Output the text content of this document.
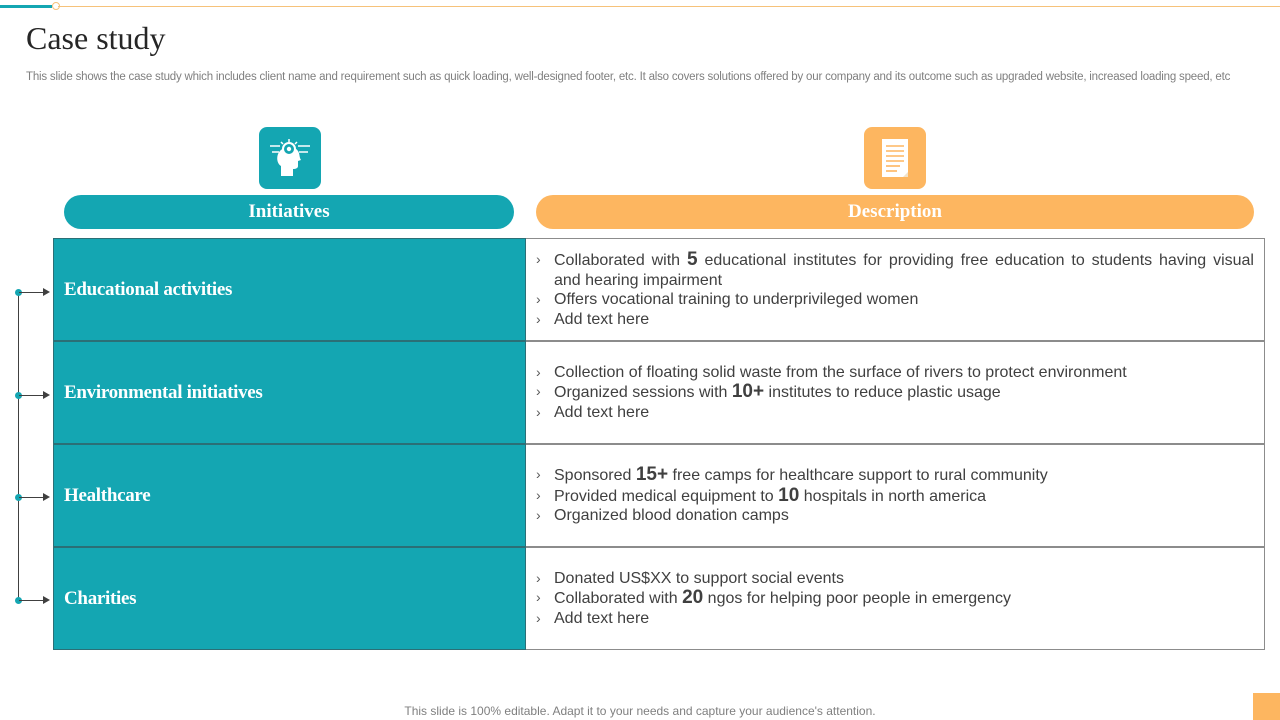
Case study
This slide shows the case study which includes client name and requirement such as quick loading, well-designed footer, etc. It also covers solutions offered by our company and its outcome such as upgraded website, increased loading speed, etc
Initiatives	Description
Educational activities
› Collaborated with 5 educational institutes for providing free education to students having visual and hearing impairment
› Offers vocational training to underprivileged women
› Add text here
Environmental initiatives
› Collection of floating solid waste from the surface of rivers to protect environment
› Organized sessions with 10+ institutes to reduce plastic usage
› Add text here
Healthcare
› Sponsored 15+ free camps for healthcare support to rural community
› Provided medical equipment to 10 hospitals in north america
› Organized blood donation camps
Charities
› Donated US$XX to support social events
› Collaborated with 20 ngos for helping poor people in emergency
› Add text here
This slide is 100% editable. Adapt it to your needs and capture your audience's attention.
